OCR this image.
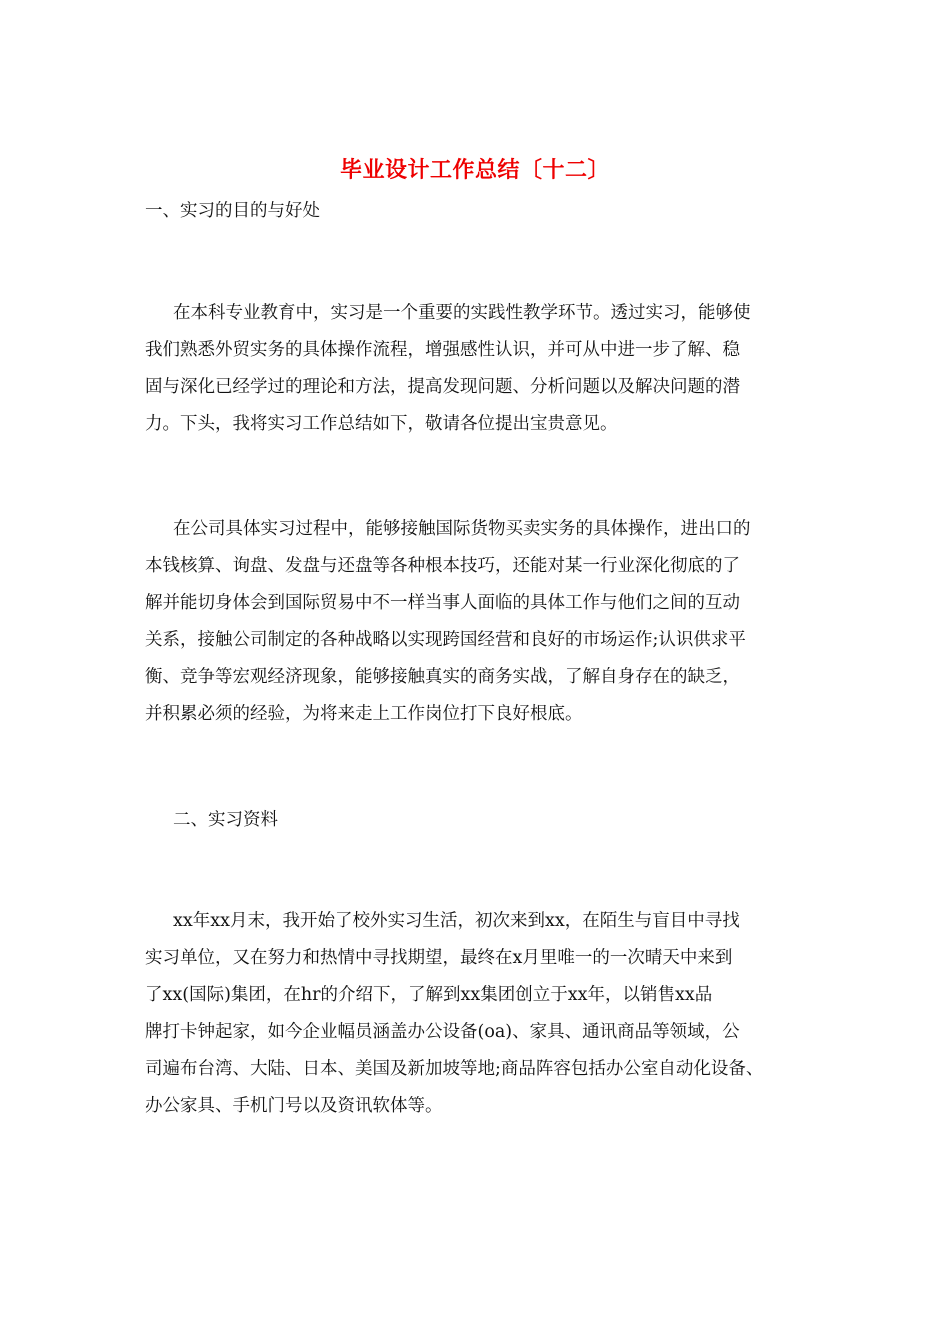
毕业设计工作总结〔十二〕
一、实习的目的与好处
在本科专业教育中，实习是一个重要的实践性教学环节。透过实习，能够使
我们熟悉外贸实务的具体操作流程，增强感性认识，并可从中进一步了解、稳
固与深化已经学过的理论和方法，提高发现问题、分析问题以及解决问题的潜
力。下头，我将实习工作总结如下，敬请各位提出宝贵意见。
在公司具体实习过程中，能够接触国际货物买卖实务的具体操作，进出口的
本钱核算、询盘、发盘与还盘等各种根本技巧，还能对某一行业深化彻底的了
解并能切身体会到国际贸易中不一样当事人面临的具体工作与他们之间的互动
关系，接触公司制定的各种战略以实现跨国经营和良好的市场运作;认识供求平
衡、竞争等宏观经济现象，能够接触真实的商务实战，了解自身存在的缺乏，
并积累必须的经验，为将来走上工作岗位打下良好根底。
二、实习资料
xx年xx月末，我开始了校外实习生活，初次来到xx，在陌生与盲目中寻找
实习单位，又在努力和热情中寻找期望，最终在x月里唯一的一次晴天中来到
了xx(国际)集团，在hr的介绍下，了解到xx集团创立于xx年，以销售xx品
牌打卡钟起家，如今企业幅员涵盖办公设备(oa)、家具、通讯商品等领域，公
司遍布台湾、大陆、日本、美国及新加坡等地;商品阵容包括办公室自动化设备、
办公家具、手机门号以及资讯软体等。
